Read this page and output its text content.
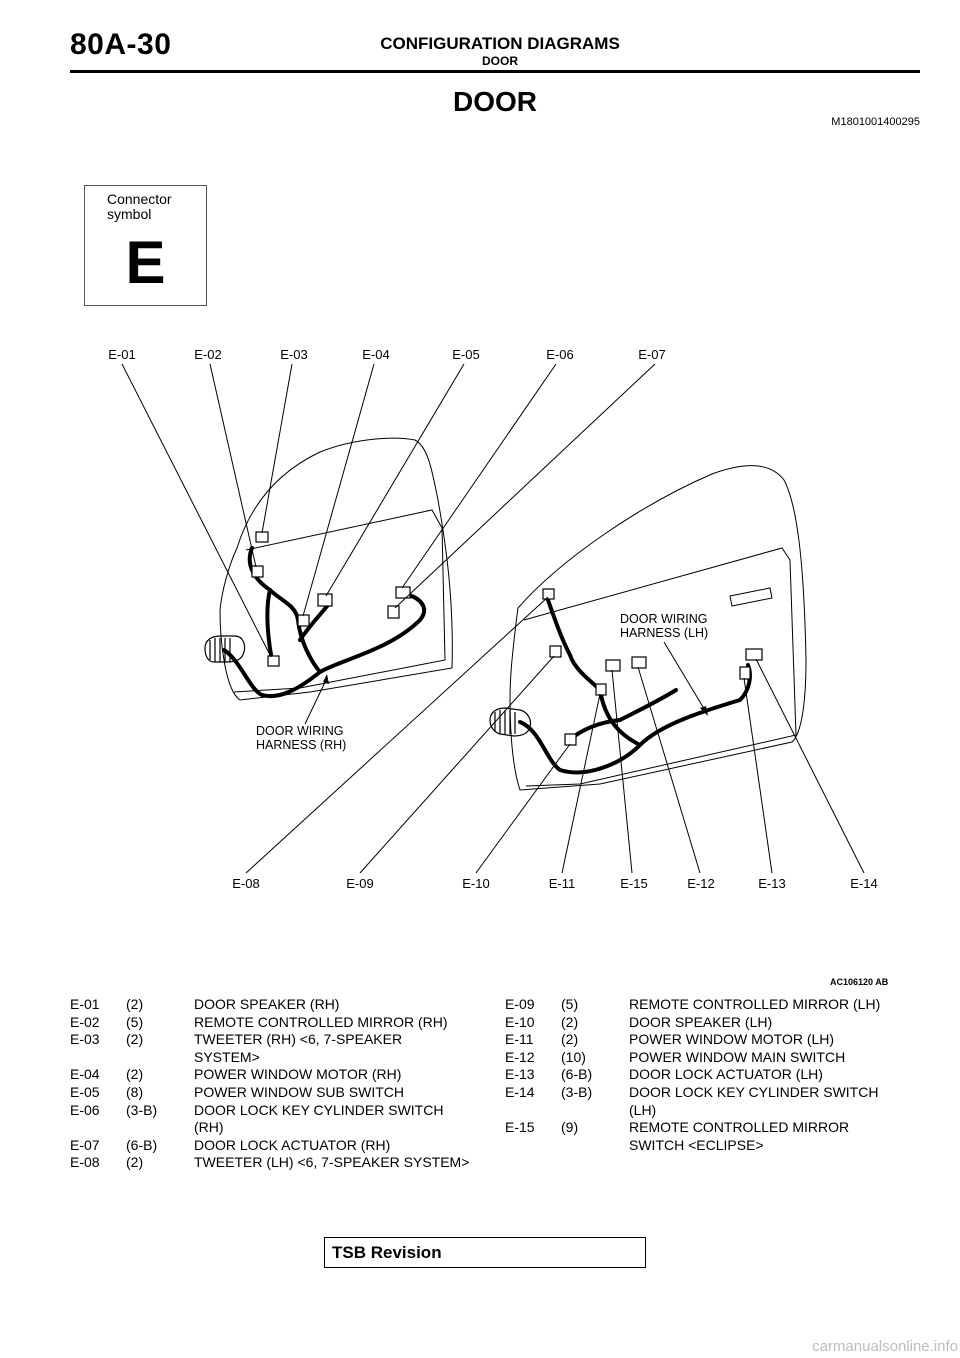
80A-30	CONFIGURATION DIAGRAMS
DOOR
DOOR
M1801001400295
Connector symbol
E
E-01	E-02	E-03	E-04	E-05	E-06	E-07
E-08	E-09	E-10	E-11	E-15	E-12	E-13	E-14
DOOR WIRING
HARNESS (RH)
DOOR WIRING
HARNESS (LH)
AC106120 AB
E-01	(2)	DOOR SPEAKER (RH)
E-02	(5)	REMOTE CONTROLLED MIRROR (RH)
E-03	(2)	TWEETER (RH) <6, 7-SPEAKER SYSTEM>
E-04	(2)	POWER WINDOW MOTOR (RH)
E-05	(8)	POWER WINDOW SUB SWITCH
E-06	(3-B)	DOOR LOCK KEY CYLINDER SWITCH (RH)
E-07	(6-B)	DOOR LOCK ACTUATOR (RH)
E-08	(2)	TWEETER (LH) <6, 7-SPEAKER SYSTEM>
E-09	(5)	REMOTE CONTROLLED MIRROR (LH)
E-10	(2)	DOOR SPEAKER (LH)
E-11	(2)	POWER WINDOW MOTOR (LH)
E-12	(10)	POWER WINDOW MAIN SWITCH
E-13	(6-B)	DOOR LOCK ACTUATOR (LH)
E-14	(3-B)	DOOR LOCK KEY CYLINDER SWITCH (LH)
E-15	(9)	REMOTE CONTROLLED MIRROR SWITCH <ECLIPSE>
TSB Revision
carmanualsonline.info
